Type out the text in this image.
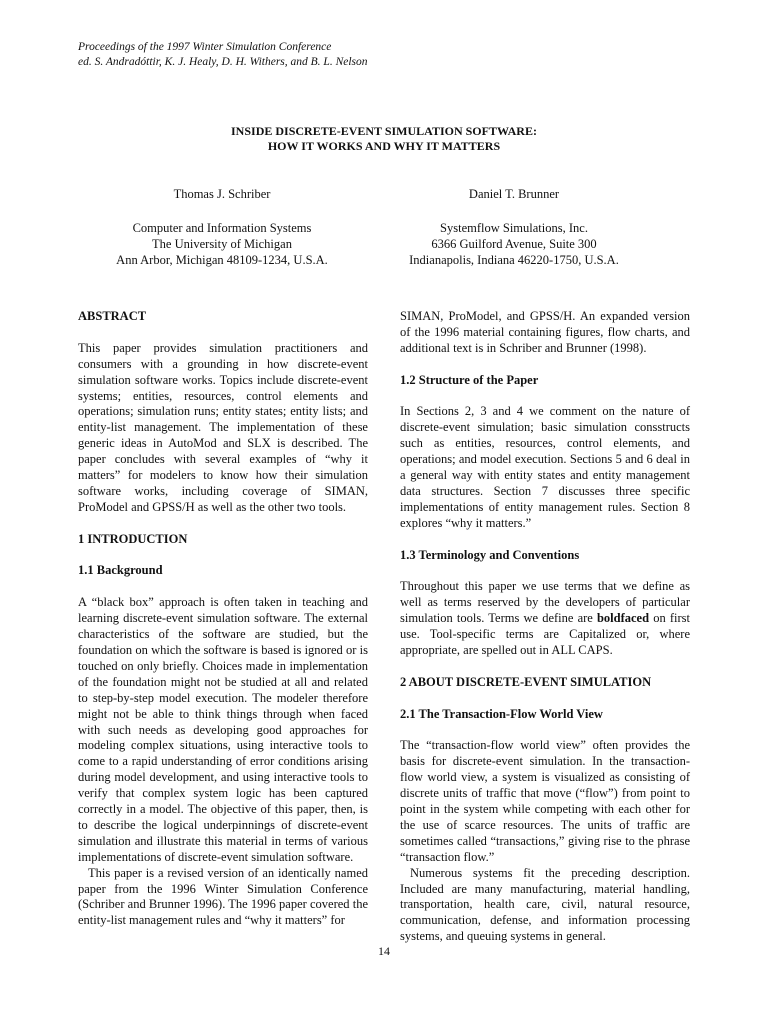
Proceedings of the 1997 Winter Simulation Conference
ed. S. Andradóttir, K. J. Healy, D. H. Withers, and B. L. Nelson
INSIDE DISCRETE-EVENT SIMULATION SOFTWARE:
HOW IT WORKS AND WHY IT MATTERS
Thomas J. Schriber
Computer and Information Systems
The University of Michigan
Ann Arbor, Michigan 48109-1234, U.S.A.
Daniel T. Brunner
Systemflow Simulations, Inc.
6366 Guilford Avenue, Suite 300
Indianapolis, Indiana 46220-1750, U.S.A.
ABSTRACT

This paper provides simulation practitioners and consumers with a grounding in how discrete-event simulation software works. Topics include discrete-event systems; entities, resources, control elements and operations; simulation runs; entity states; entity lists; and entity-list management. The implementation of these generic ideas in AutoMod and SLX is described. The paper concludes with several examples of “why it matters” for modelers to know how their simulation software works, including coverage of SIMAN, ProModel and GPSS/H as well as the other two tools.

1 INTRODUCTION
1.1 Background

A “black box” approach is often taken in teaching and learning discrete-event simulation software. The external characteristics of the software are studied, but the foundation on which the software is based is ignored or is touched on only briefly. Choices made in implementation of the foundation might not be studied at all and related to step-by-step model execution. The modeler therefore might not be able to think things through when faced with such needs as developing good approaches for modeling complex situations, using interactive tools to come to a rapid understanding of error conditions arising during model development, and using interactive tools to verify that complex system logic has been captured correctly in a model. The objective of this paper, then, is to describe the logical underpinnings of discrete-event simulation and illustrate this material in terms of various implementations of discrete-event simulation software.

This paper is a revised version of an identically named paper from the 1996 Winter Simulation Conference (Schriber and Brunner 1996). The 1996 paper covered the entity-list management rules and “why it matters” for

SIMAN, ProModel, and GPSS/H. An expanded version of the 1996 material containing figures, flow charts, and additional text is in Schriber and Brunner (1998).

1.2 Structure of the Paper

In Sections 2, 3 and 4 we comment on the nature of discrete-event simulation; basic simulation consstructs such as entities, resources, control elements, and operations; and model execution. Sections 5 and 6 deal in a general way with entity states and entity management data structures. Section 7 discusses three specific implementations of entity management rules. Section 8 explores “why it matters.”

1.3 Terminology and Conventions

Throughout this paper we use terms that we define as well as terms reserved by the developers of particular simulation tools. Terms we define are boldfaced on first use. Tool-specific terms are Capitalized or, where appropriate, are spelled out in ALL CAPS.

2 ABOUT DISCRETE-EVENT SIMULATION
2.1 The Transaction-Flow World View

The “transaction-flow world view” often provides the basis for discrete-event simulation. In the transaction-flow world view, a system is visualized as consisting of discrete units of traffic that move (“flow”) from point to point in the system while competing with each other for the use of scarce resources. The units of traffic are sometimes called “transactions,” giving rise to the phrase “transaction flow.”

Numerous systems fit the preceding description. Included are many manufacturing, material handling, transportation, health care, civil, natural resource, communication, defense, and information processing systems, and queuing systems in general.

14
